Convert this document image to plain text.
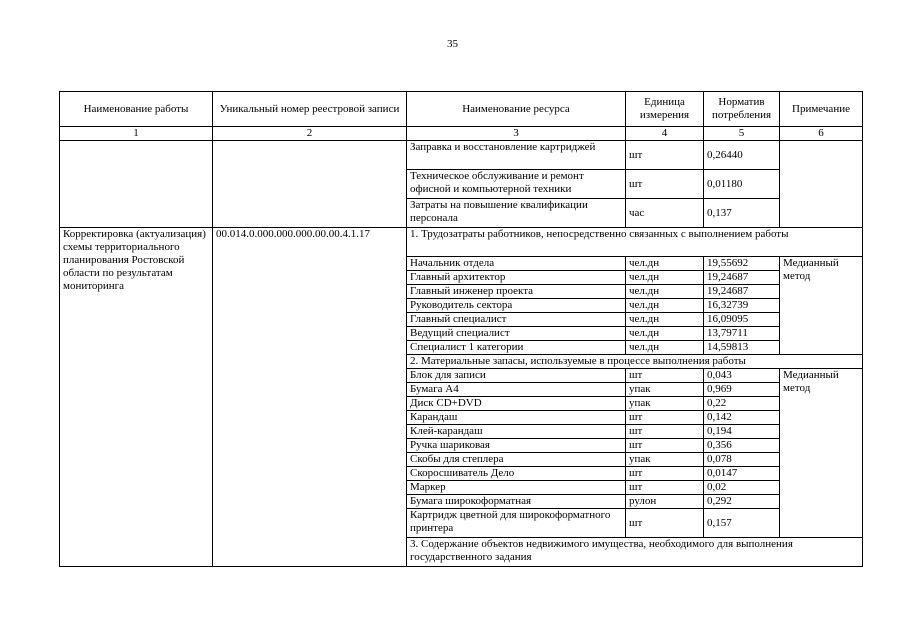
35
Наименование работы	Уникальный номер реестровой записи	Наименование ресурса	Единица измерения	Норматив потребления	Примечание
1	2	3	4	5	6
		Заправка и восстановление картриджей	шт	0,26440	
		Техническое обслуживание и ремонт офисной и компьютерной техники	шт	0,01180	
		Затраты на повышение квалификации персонала	час	0,137	
Корректировка (актуализация) схемы территориального планирования Ростовской области по результатам мониторинга	00.014.0.000.000.000.00.00.4.1.17	1. Трудозатраты работников, непосредственно связанных с выполнением работы			
		Начальник отдела	чел.дн	19,55692	Медианный метод
		Главный архитектор	чел.дн	19,24687	
		Главный инженер проекта	чел.дн	19,24687	
		Руководитель сектора	чел.дн	16,32739	
		Главный специалист	чел.дн	16,09095	
		Ведущий специалист	чел.дн	13,79711	
		Специалист 1 категории	чел.дн	14,59813	
		2. Материальные запасы, используемые в процессе выполнения работы			
		Блок для записи	шт	0,043	Медианный метод
		Бумага А4	упак	0,969	
		Диск CD+DVD	упак	0,22	
		Карандаш	шт	0,142	
		Клей-карандаш	шт	0,194	
		Ручка шариковая	шт	0,356	
		Скобы для степлера	упак	0,078	
		Скоросшиватель Дело	шт	0,0147	
		Маркер	шт	0,02	
		Бумага широкоформатная	рулон	0,292	
		Картридж цветной для широкоформатного принтера	шт	0,157	
		3. Содержание объектов недвижимого имущества, необходимого для выполнения государственного задания			
